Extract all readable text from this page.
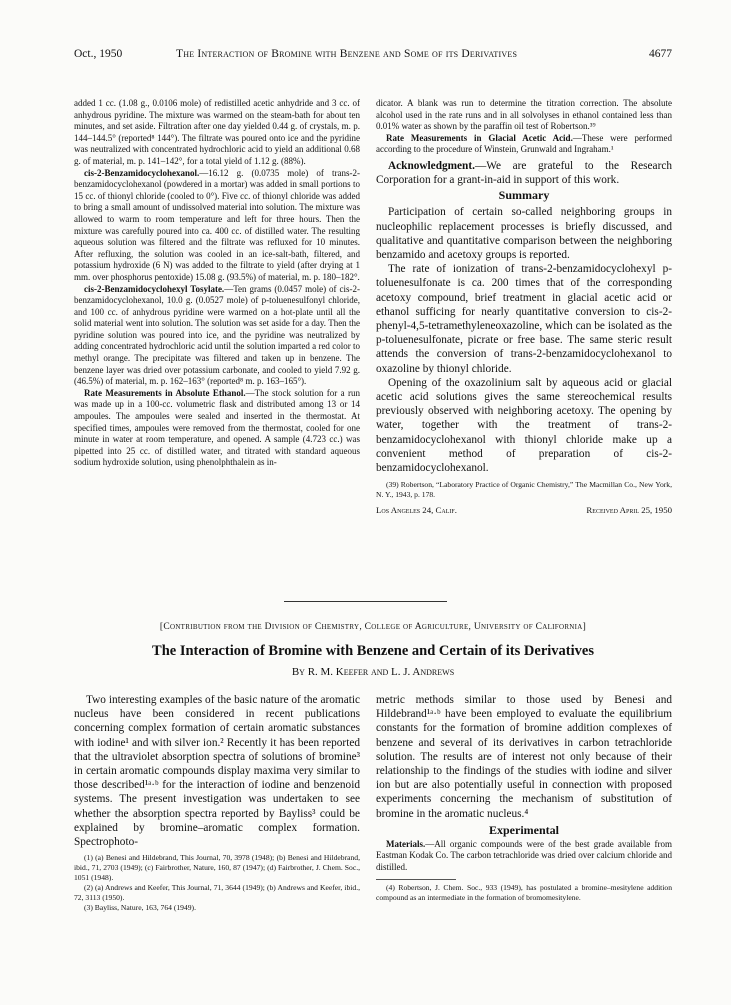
Oct., 1950	The Interaction of Bromine with Benzene and Some of its Derivatives	4677

added 1 cc. (1.08 g., 0.0106 mole) of redistilled acetic anhydride and 3 cc. of anhydrous pyridine. The mixture was warmed on the steam-bath for about ten minutes, and set aside. Filtration after one day yielded 0.44 g. of crystals, m. p. 144–144.5° (reported⁸ 144°). The filtrate was poured onto ice and the pyridine was neutralized with concentrated hydrochloric acid to yield an additional 0.68 g. of material, m. p. 141–142°, for a total yield of 1.12 g. (88%).

cis-2-Benzamidocyclohexanol.—16.12 g. (0.0735 mole) of trans-2-benzamidocyclohexanol (powdered in a mortar) was added in small portions to 15 cc. of thionyl chloride (cooled to 0°). Five cc. of thionyl chloride was added to bring a small amount of undissolved material into solution. The mixture was allowed to warm to room temperature and left for three hours. Then the mixture was carefully poured into ca. 400 cc. of distilled water. The resulting aqueous solution was filtered and the filtrate was refluxed for 10 minutes. After refluxing, the solution was cooled in an ice-salt-bath, filtered, and potassium hydroxide (6 N) was added to the filtrate to yield (after drying at 1 mm. over phosphorus pentoxide) 15.08 g. (93.5%) of material, m. p. 180–182°.

cis-2-Benzamidocyclohexyl Tosylate.—Ten grams (0.0457 mole) of cis-2-benzamidocyclohexanol, 10.0 g. (0.0527 mole) of p-toluenesulfonyl chloride, and 100 cc. of anhydrous pyridine were warmed on a hot-plate until all the solid material went into solution. The solution was set aside for a day. Then the pyridine solution was poured into ice, and the pyridine was neutralized by adding concentrated hydrochloric acid until the solution imparted a red color to methyl orange. The precipitate was filtered and taken up in benzene. The benzene layer was dried over potassium carbonate, and cooled to yield 7.92 g. (46.5%) of material, m. p. 162–163° (reported⁸ m. p. 163–165°).

Rate Measurements in Absolute Ethanol.—The stock solution for a run was made up in a 100-cc. volumetric flask and distributed among 13 or 14 ampoules. The ampoules were sealed and inserted in the thermostat. At specified times, ampoules were removed from the thermostat, cooled for one minute in water at room temperature, and opened. A sample (4.723 cc.) was pipetted into 25 cc. of distilled water, and titrated with standard aqueous sodium hydroxide solution, using phenolphthalein as in-

dicator. A blank was run to determine the titration correction. The absolute alcohol used in the rate runs and in all solvolyses in ethanol contained less than 0.01% water as shown by the paraffin oil test of Robertson.³⁹

Rate Measurements in Glacial Acetic Acid.—These were performed according to the procedure of Winstein, Grunwald and Ingraham.¹

Acknowledgment.—We are grateful to the Research Corporation for a grant-in-aid in support of this work.

Summary

Participation of certain so-called neighboring groups in nucleophilic replacement processes is briefly discussed, and qualitative and quantitative comparison between the neighboring benzamido and acetoxy groups is reported.

The rate of ionization of trans-2-benzamidocyclohexyl p-toluenesulfonate is ca. 200 times that of the corresponding acetoxy compound, brief treatment in glacial acetic acid or ethanol sufficing for nearly quantitative conversion to cis-2-phenyl-4,5-tetramethyleneoxazoline, which can be isolated as the p-toluenesulfonate, picrate or free base. The same steric result attends the conversion of trans-2-benzamidocyclohexanol to oxazoline by thionyl chloride.

Opening of the oxazolinium salt by aqueous acid or glacial acetic acid solutions gives the same stereochemical results previously observed with neighboring acetoxy. The opening by water, together with the treatment of trans-2-benzamidocyclohexanol with thionyl chloride make up a convenient method of preparation of cis-2-benzamidocyclohexanol.

(39) Robertson, “Laboratory Practice of Organic Chemistry,” The Macmillan Co., New York, N. Y., 1943, p. 178.

Los Angeles 24, Calif.	Received April 25, 1950
[Contribution from the Division of Chemistry, College of Agriculture, University of California]
The Interaction of Bromine with Benzene and Certain of its Derivatives
By R. M. Keefer and L. J. Andrews

Two interesting examples of the basic nature of the aromatic nucleus have been considered in recent publications concerning complex formation of certain aromatic substances with iodine¹ and with silver ion.² Recently it has been reported that the ultraviolet absorption spectra of solutions of bromine³ in certain aromatic compounds display maxima very similar to those described¹ᵃ·ᵇ for the interaction of iodine and benzenoid systems. The present investigation was undertaken to see whether the absorption spectra reported by Bayliss³ could be explained by bromine–aromatic complex formation. Spectrophoto-

(1) (a) Benesi and Hildebrand, This Journal, 70, 3978 (1948); (b) Benesi and Hildebrand, ibid., 71, 2703 (1949); (c) Fairbrother, Nature, 160, 87 (1947); (d) Fairbrother, J. Chem. Soc., 1051 (1948).

(2) (a) Andrews and Keefer, This Journal, 71, 3644 (1949); (b) Andrews and Keefer, ibid., 72, 3113 (1950).

(3) Bayliss, Nature, 163, 764 (1949).

metric methods similar to those used by Benesi and Hildebrand¹ᵃ·ᵇ have been employed to evaluate the equilibrium constants for the formation of bromine addition complexes of benzene and several of its derivatives in carbon tetrachloride solution. The results are of interest not only because of their relationship to the findings of the studies with iodine and silver ion but are also potentially useful in connection with proposed experiments concerning the mechanism of substitution of bromine in the aromatic nucleus.⁴

Experimental

Materials.—All organic compounds were of the best grade available from Eastman Kodak Co. The carbon tetrachloride was dried over calcium chloride and distilled.

(4) Robertson, J. Chem. Soc., 933 (1949), has postulated a bromine–mesitylene addition compound as an intermediate in the formation of bromomesitylene.
